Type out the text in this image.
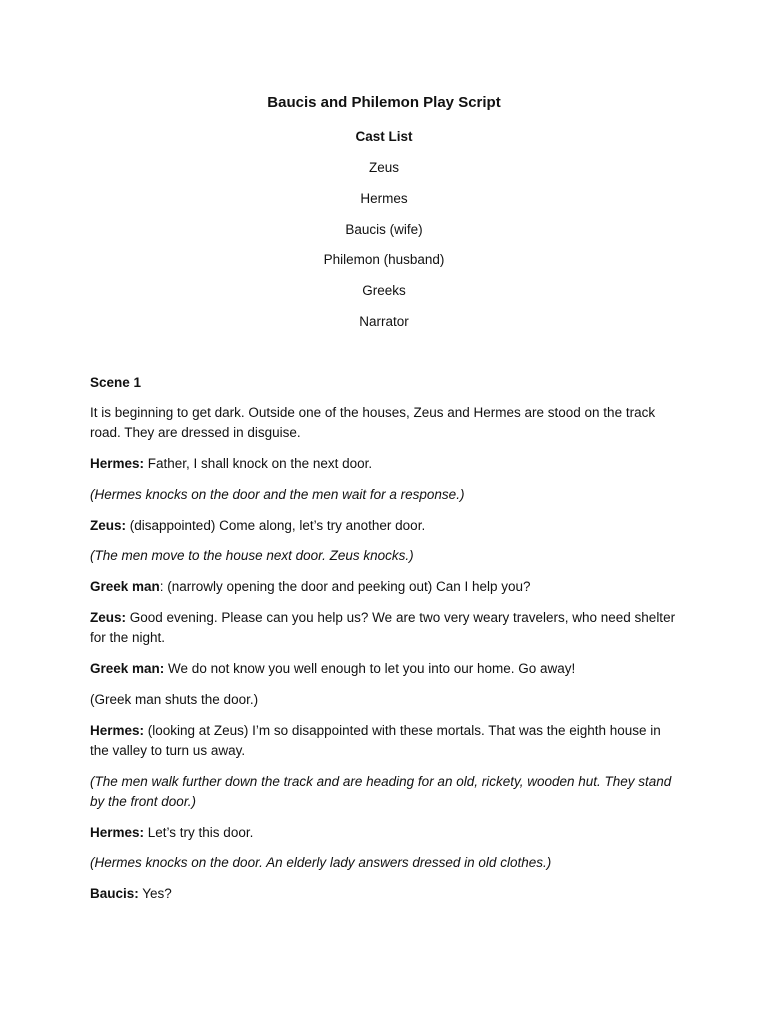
Baucis and Philemon Play Script
Cast List
Zeus
Hermes
Baucis (wife)
Philemon (husband)
Greeks
Narrator
Scene 1

It is beginning to get dark. Outside one of the houses, Zeus and Hermes are stood on the track road. They are dressed in disguise.

Hermes: Father, I shall knock on the next door.

(Hermes knocks on the door and the men wait for a response.)

Zeus: (disappointed) Come along, let’s try another door.

(The men move to the house next door. Zeus knocks.)

Greek man: (narrowly opening the door and peeking out) Can I help you?

Zeus: Good evening. Please can you help us? We are two very weary travelers, who need shelter for the night.

Greek man: We do not know you well enough to let you into our home. Go away!

(Greek man shuts the door.)

Hermes: (looking at Zeus) I’m so disappointed with these mortals. That was the eighth house in the valley to turn us away.

(The men walk further down the track and are heading for an old, rickety, wooden hut. They stand by the front door.)

Hermes: Let’s try this door.

(Hermes knocks on the door. An elderly lady answers dressed in old clothes.)

Baucis: Yes?
